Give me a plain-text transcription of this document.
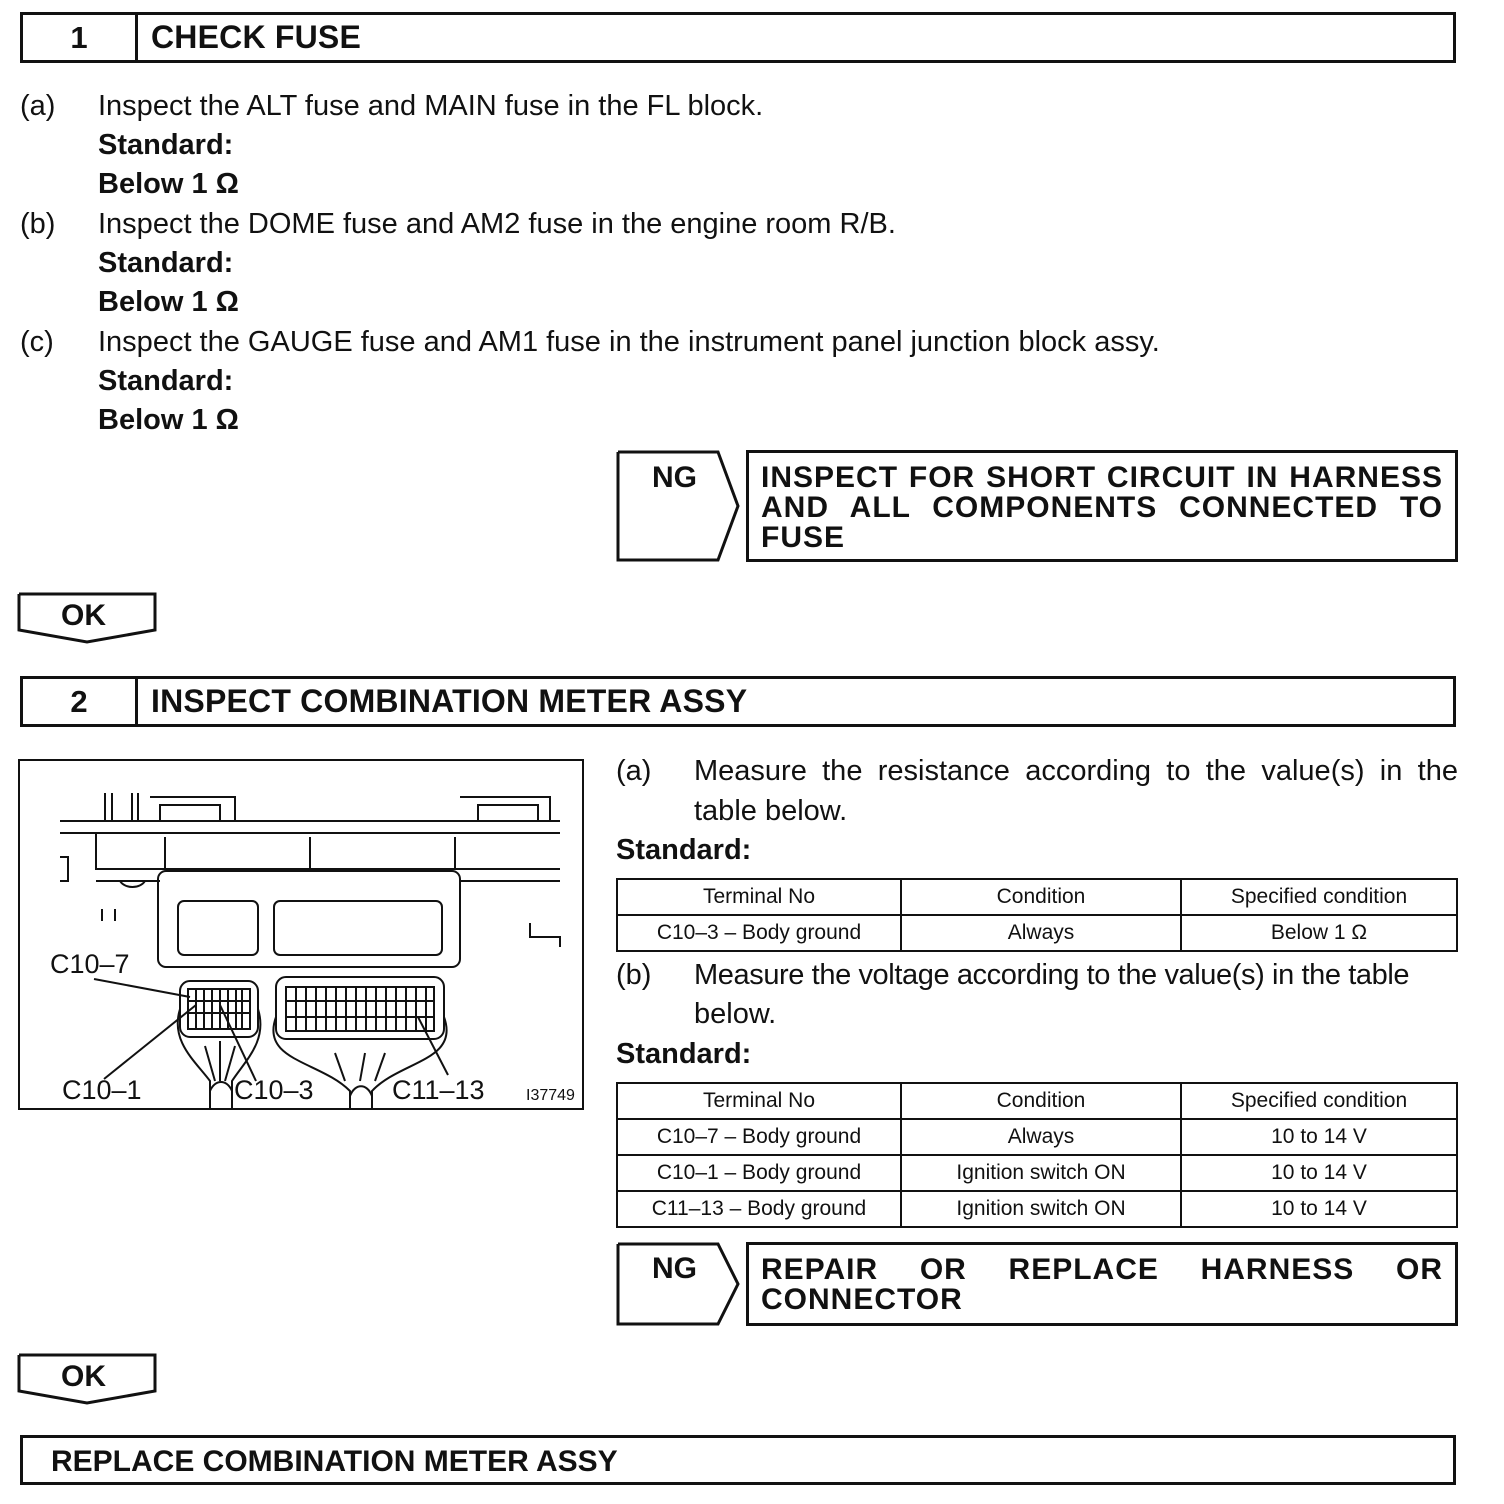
1	CHECK FUSE
(a) Inspect the ALT fuse and MAIN fuse in the FL block.
Standard:
Below 1 Ω
(b) Inspect the DOME fuse and AM2 fuse in the engine room R/B.
Standard:
Below 1 Ω
(c) Inspect the GAUGE fuse and AM1 fuse in the instrument panel junction block assy.
Standard:
Below 1 Ω
NG INSPECT FOR SHORT CIRCUIT IN HARNESS
AND ALL COMPONENTS CONNECTED TO
FUSE
OK
2	INSPECT COMBINATION METER ASSY
C10–7
C10–1	C10–3	C11–13	I37749
(a) Measure the resistance according to the value(s) in the
table below.
Standard:
Terminal No	Condition	Specified condition
C10–3 – Body ground	Always	Below 1 Ω
(b) Measure the voltage according to the value(s) in the table
below.
Standard:
Terminal No	Condition	Specified condition
C10–7 – Body ground	Always	10 to 14 V
C10–1 – Body ground	Ignition switch ON	10 to 14 V
C11–13 – Body ground	Ignition switch ON	10 to 14 V
NG REPAIR OR REPLACE HARNESS OR
CONNECTOR
OK
REPLACE COMBINATION METER ASSY
